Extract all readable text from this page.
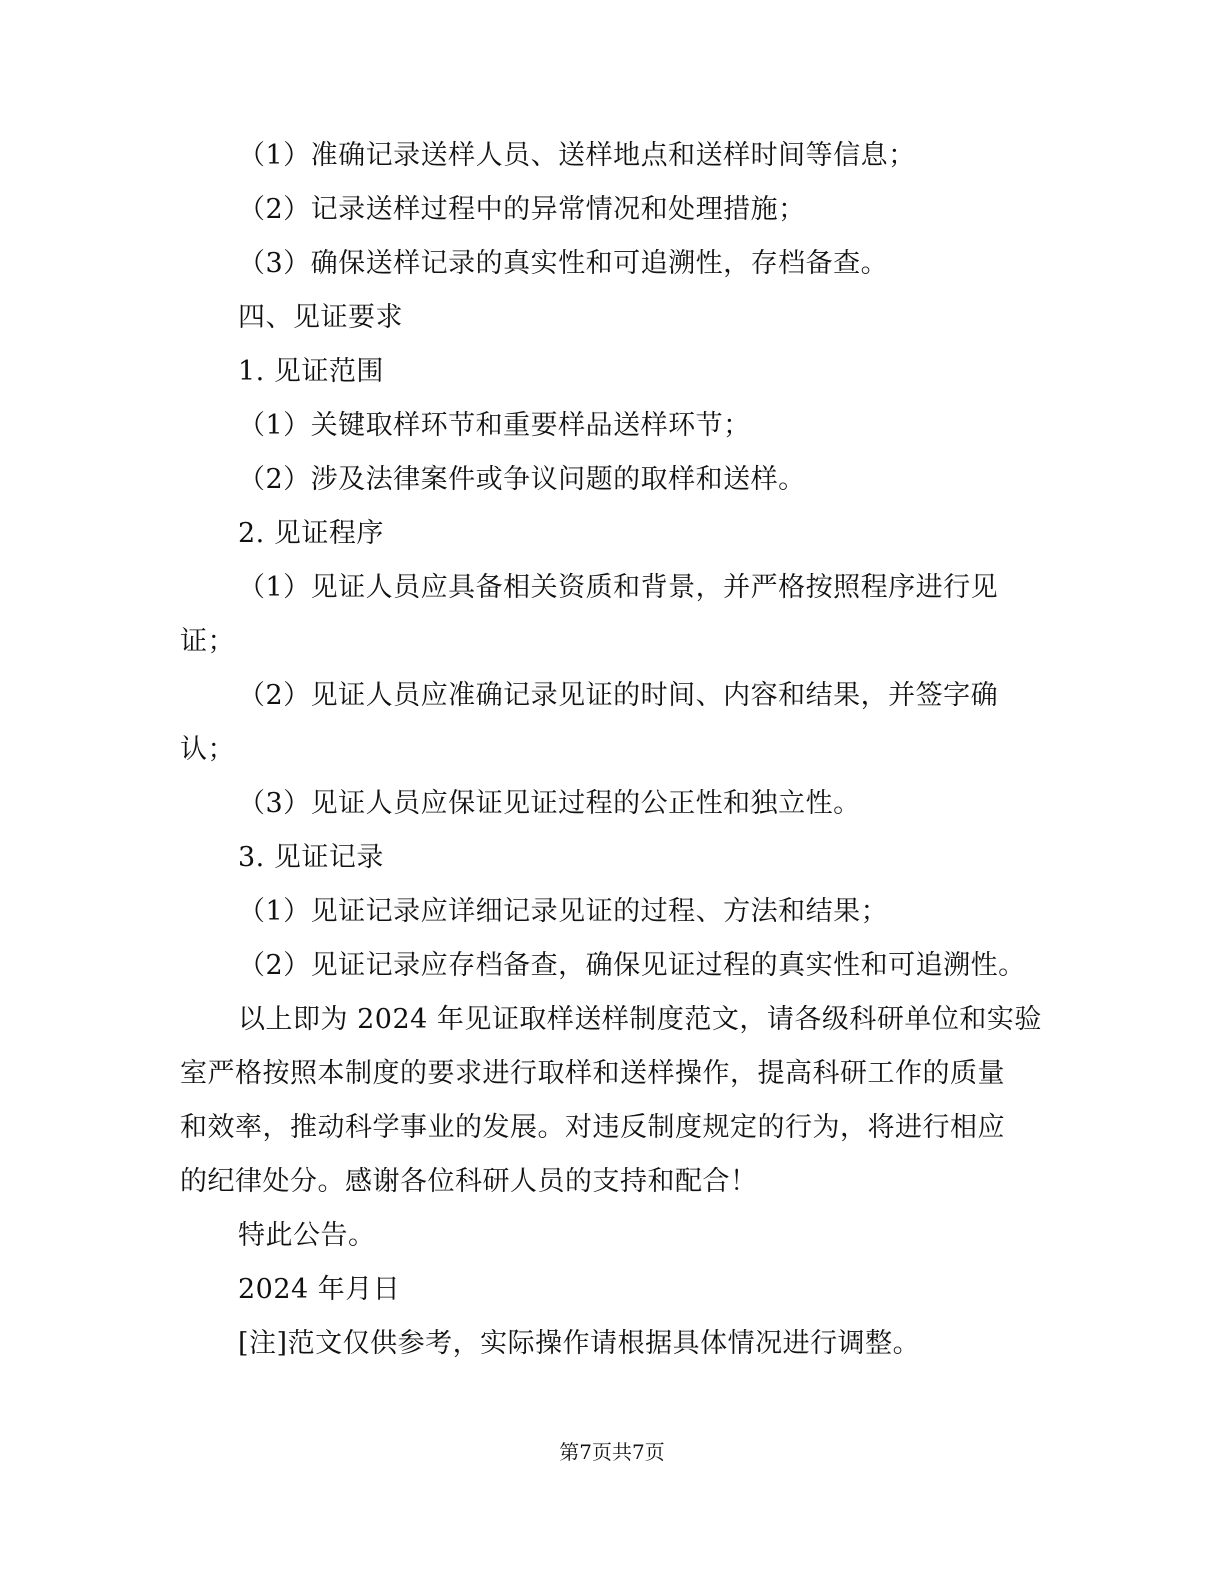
（1）准确记录送样人员、送样地点和送样时间等信息；
（2）记录送样过程中的异常情况和处理措施；
（3）确保送样记录的真实性和可追溯性，存档备查。
四、见证要求
1. 见证范围
（1）关键取样环节和重要样品送样环节；
（2）涉及法律案件或争议问题的取样和送样。
2. 见证程序
（1）见证人员应具备相关资质和背景，并严格按照程序进行见
证；
（2）见证人员应准确记录见证的时间、内容和结果，并签字确
认；
（3）见证人员应保证见证过程的公正性和独立性。
3. 见证记录
（1）见证记录应详细记录见证的过程、方法和结果；
（2）见证记录应存档备查，确保见证过程的真实性和可追溯性。
以上即为 2024 年见证取样送样制度范文，请各级科研单位和实验
室严格按照本制度的要求进行取样和送样操作，提高科研工作的质量
和效率，推动科学事业的发展。对违反制度规定的行为，将进行相应
的纪律处分。感谢各位科研人员的支持和配合！
特此公告。
2024 年月日
[注]范文仅供参考，实际操作请根据具体情况进行调整。
第7页共7页
